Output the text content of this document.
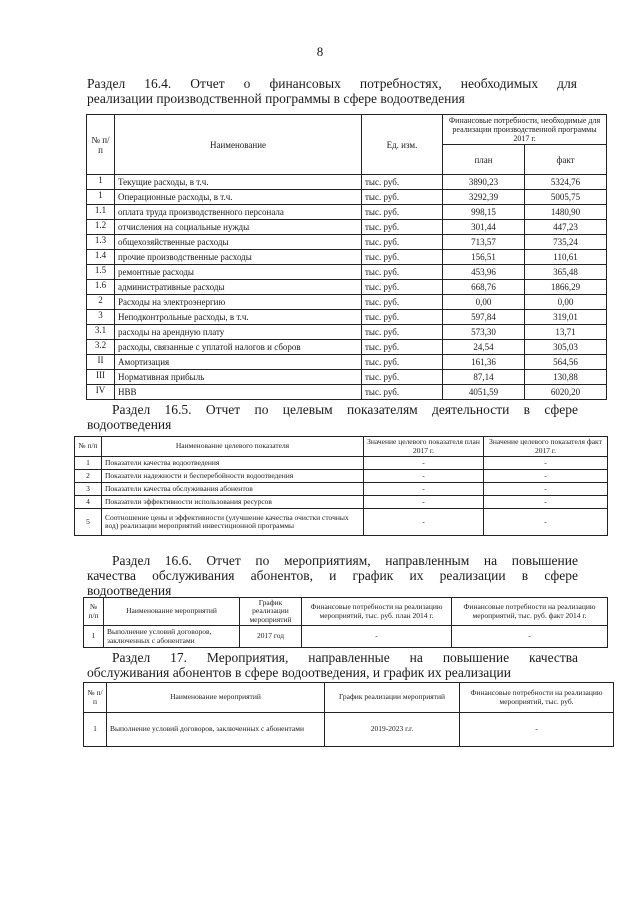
8
Раздел 16.4. Отчет о финансовых потребностях, необходимых для
реализации производственной программы в сфере водоотведения
№ п/п	Наименование	Ед. изм.	Финансовые потребности, необходимые для реализации производственной программы 2017 г.	
			план	факт
1	Текущие расходы, в т.ч.	тыс. руб.	3890,23	5324,76
1	Операционные расходы, в т.ч.	тыс. руб.	3292,39	5005,75
1.1	оплата труда производственного персонала	тыс. руб.	998,15	1480,90
1.2	отчисления на социальные нужды	тыс. руб.	301,44	447,23
1.3	общехозяйственные расходы	тыс. руб.	713,57	735,24
1.4	прочие производственные расходы	тыс. руб.	156,51	110,61
1.5	ремонтные расходы	тыс. руб.	453,96	365,48
1.6	административные расходы	тыс. руб.	668,76	1866,29
2	Расходы на электроэнергию	тыс. руб.	0,00	0,00
3	Неподконтрольные расходы, в т.ч.	тыс. руб.	597,84	319,01
3.1	расходы на арендную плату	тыс. руб.	573,30	13,71
3.2	расходы, связанные с уплатой налогов и сборов	тыс. руб.	24,54	305,03
II	Амортизация	тыс. руб.	161,36	564,56
III	Нормативная прибыль	тыс. руб.	87,14	130,88
IV	НВВ	тыс. руб.	4051,59	6020,20
Раздел 16.5. Отчет по целевым показателям деятельности в сфере
водоотведения
№ п/п	Наименование целевого показателя	Значение целевого показателя план 2017 г.	Значение целевого показателя факт 2017 г.
1	Показатели качества водоотведения	-	-
2	Показатели надежности и бесперебойности водоотведения	-	-
3	Показатели качества обслуживания абонентов	-	-
4	Показатели эффективности использования ресурсов	-	-
5	Соотношение цены и эффективности (улучшение качества очистки сточных вод) реализации мероприятий инвестиционной программы	-	-
Раздел 16.6. Отчет по мероприятиям, направленным на повышение
качества обслуживания абонентов, и график их реализации в сфере
водоотведения
№ п/п	Наименование мероприятий	График реализации мероприятий	Финансовые потребности на реализацию мероприятий, тыс. руб. план 2014 г.	Финансовые потребности на реализацию мероприятий, тыс. руб. факт 2014 г.
1	Выполнение условий договоров, заключенных с абонентами	2017 год	-	-
Раздел 17. Мероприятия, направленные на повышение качества
обслуживания абонентов в сфере водоотведения, и график их реализации
№ п/п	Наименование мероприятий	График реализации мероприятий	Финансовые потребности на реализацию мероприятий, тыс. руб.
1	Выполнение условий договоров, заключенных с абонентами	2019-2023 г.г.	-
